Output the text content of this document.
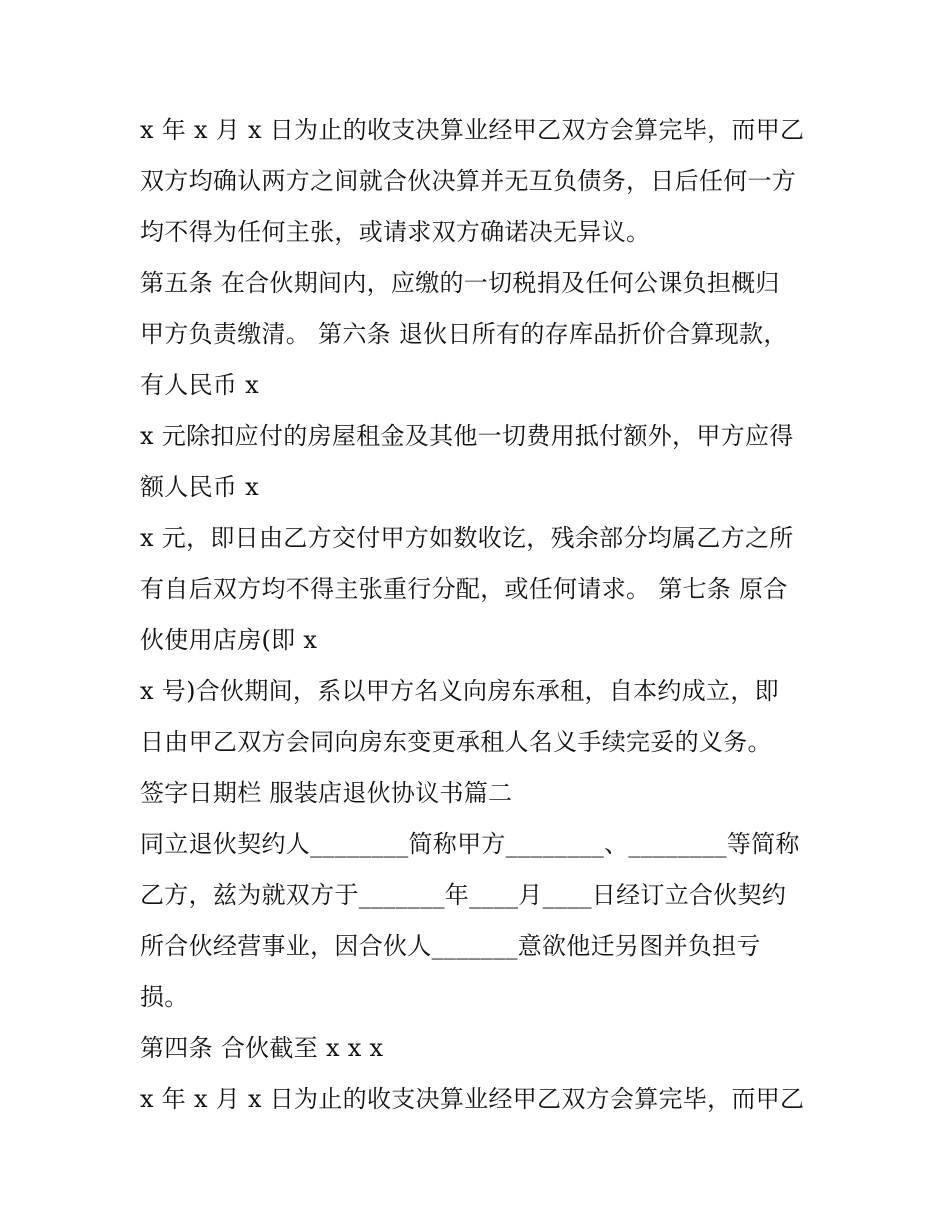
x 年 x 月 x 日为止的收支决算业经甲乙双方会算完毕，而甲乙
双方均确认两方之间就合伙决算并无互负债务，日后任何一方
均不得为任何主张，或请求双方确诺决无异议。
第五条 在合伙期间内，应缴的一切税捐及任何公课负担概归
甲方负责缴清。 第六条 退伙日所有的存库品折价合算现款，
有人民币 x
x 元除扣应付的房屋租金及其他一切费用抵付额外，甲方应得
额人民币 x
x 元，即日由乙方交付甲方如数收讫，残余部分均属乙方之所
有自后双方均不得主张重行分配，或任何请求。 第七条 原合
伙使用店房(即 x
x 号)合伙期间，系以甲方名义向房东承租，自本约成立，即
日由甲乙双方会同向房东变更承租人名义手续完妥的义务。
签字日期栏 服装店退伙协议书篇二
同立退伙契约人________简称甲方________、________等简称
乙方，兹为就双方于_______年____月____日经订立合伙契约
所合伙经营事业，因合伙人_______意欲他迁另图并负担亏
损。
第四条 合伙截至 x x x
x 年 x 月 x 日为止的收支决算业经甲乙双方会算完毕，而甲乙
